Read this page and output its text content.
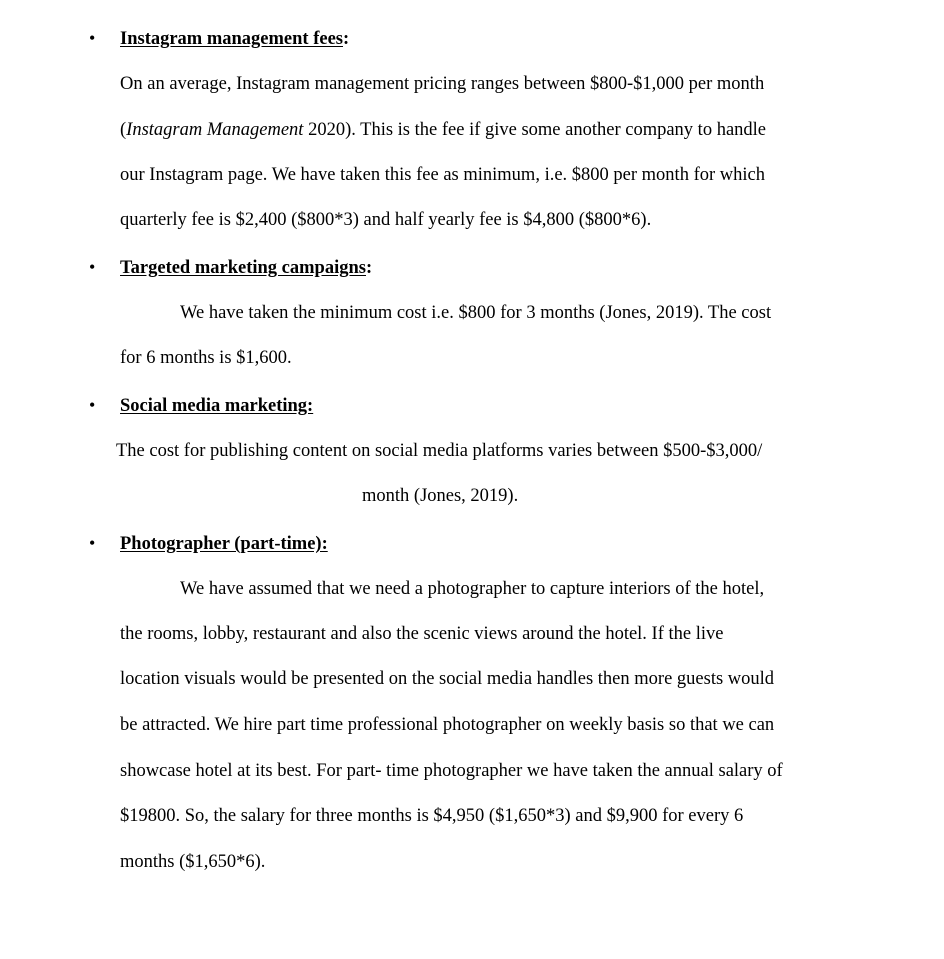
•	Instagram management fees:
On an average, Instagram management pricing ranges between $800-$1,000 per month
(Instagram Management 2020). This is the fee if give some another company to handle
our Instagram page. We have taken this fee as minimum, i.e. $800 per month for which
quarterly fee is $2,400 ($800*3) and half yearly fee is $4,800 ($800*6).
•	Targeted marketing campaigns:
We have taken the minimum cost i.e. $800 for 3 months (Jones, 2019). The cost
for 6 months is $1,600.
•	Social media marketing:
The cost for publishing content on social media platforms varies between $500-$3,000/
month (Jones, 2019).
•	Photographer (part-time):
We have assumed that we need a photographer to capture interiors of the hotel,
the rooms, lobby, restaurant and also the scenic views around the hotel. If the live
location visuals would be presented on the social media handles then more guests would
be attracted. We hire part time professional photographer on weekly basis so that we can
showcase hotel at its best. For part- time photographer we have taken the annual salary of
$19800. So, the salary for three months is $4,950 ($1,650*3) and $9,900 for every 6
months ($1,650*6).
